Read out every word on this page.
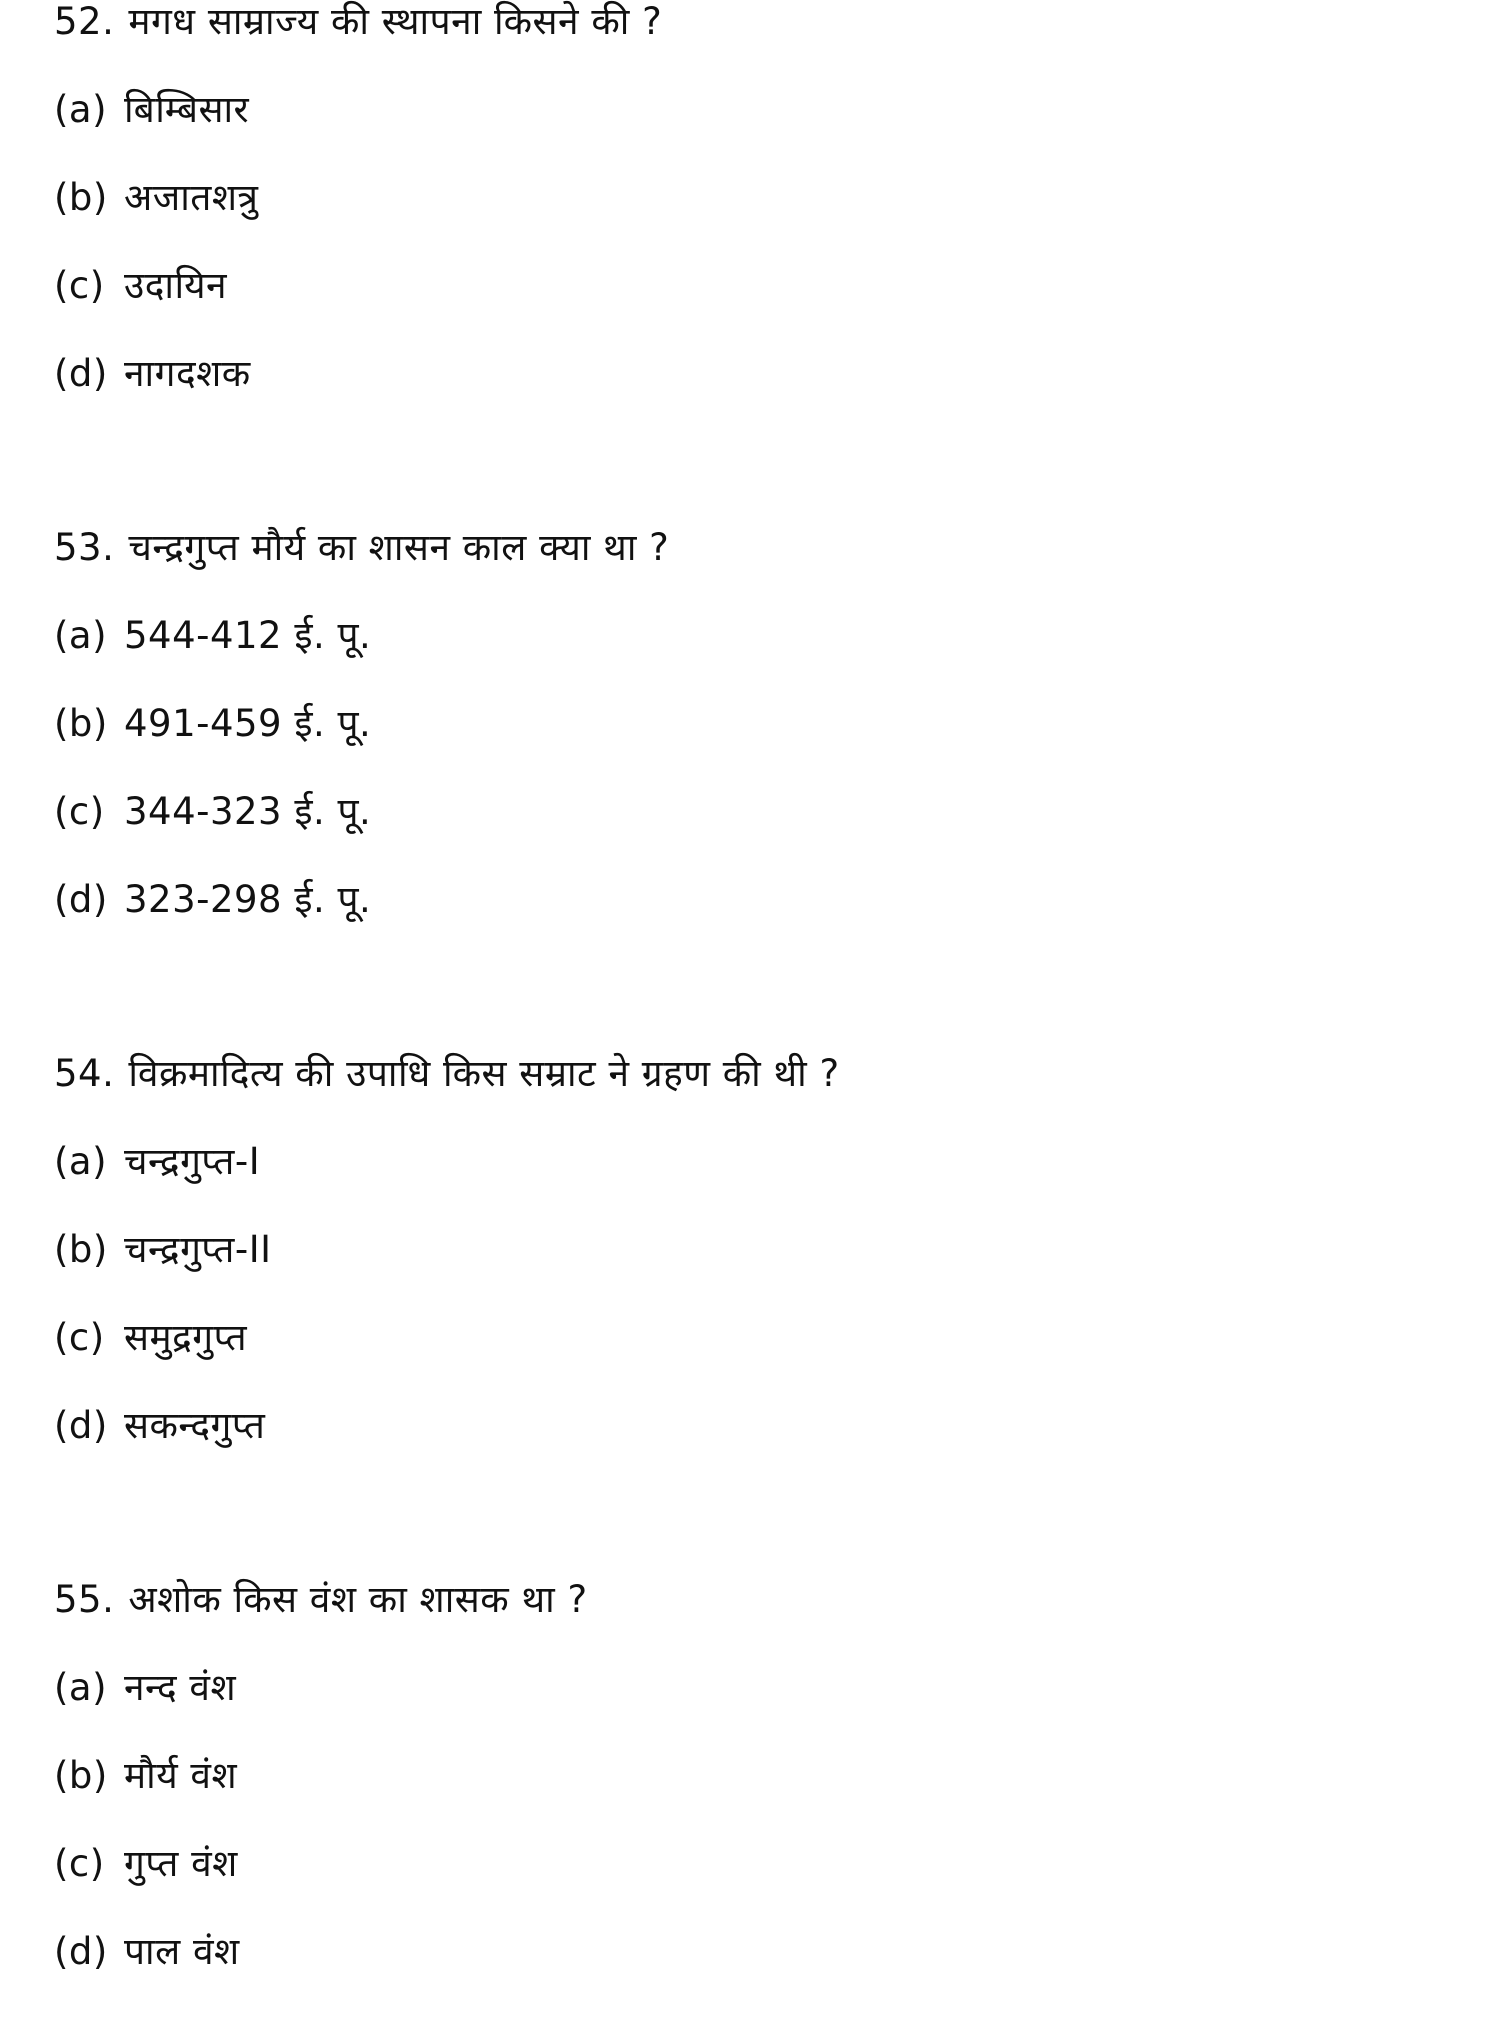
52. मगध साम्राज्य की स्थापना किसने की ?
(a) बिम्बिसार
(b) अजातशत्रु
(c) उदायिन
(d) नागदशक
53. चन्द्रगुप्त मौर्य का शासन काल क्या था ?
(a) 544-412 ई. पू.
(b) 491-459 ई. पू.
(c) 344-323 ई. पू.
(d) 323-298 ई. पू.
54. विक्रमादित्य की उपाधि किस सम्राट ने ग्रहण की थी ?
(a) चन्द्रगुप्त-I
(b) चन्द्रगुप्त-II
(c) समुद्रगुप्त
(d) सकन्दगुप्त
55. अशोक किस वंश का शासक था ?
(a) नन्द वंश
(b) मौर्य वंश
(c) गुप्त वंश
(d) पाल वंश
